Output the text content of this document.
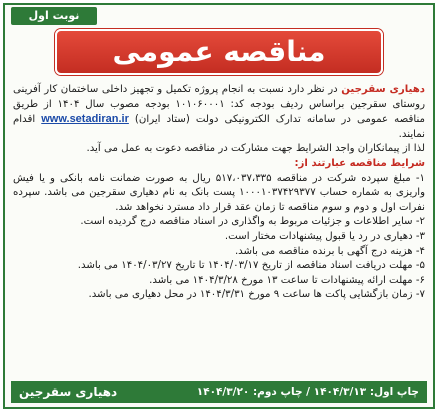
نوبت اول
مناقصه عمومی

دهیاری سقرجین در نظر دارد نسبت به انجام پروژه تکمیل و تجهیز داخلی ساختمان کار آفرینی روستای سقرجین براساس ردیف بودجه کد: ۱۰۱۰۶۰۰۰۱ بودجه مصوب سال ۱۴۰۴ از طریق مناقصه عمومی در سامانه تدارک الکترونیکی دولت (ستاد ایران) www.setadiran.ir اقدام نمایند.

لذا از پیمانکاران واجد الشرایط جهت مشارکت در مناقصه دعوت به عمل می آید.

شرایط مناقصه عبارتند از:

۱- مبلغ سپرده شرکت در مناقصه ۵۱۷،۰۳۷،۳۳۵ ریال به صورت ضمانت نامه بانکی و یا فیش واریزی به شماره حساب ۱۰۰۰۱۰۳۷۴۲۹۳۷۷ پست بانک به نام دهیاری سقرجین می باشد. سپرده نفرات اول و دوم و سوم مناقصه تا زمان عقد قرار داد مسترد نخواهد شد.

۲- سایر اطلاعات و جزئیات مربوط به واگذاری در اسناد مناقصه درج گردیده است.

۳- دهیاری در رد یا قبول پیشنهادات مختار است.

۴- هزینه درج آگهی با برنده مناقصه می باشد.

۵- مهلت دریافت اسناد مناقصه از تاریخ ۱۴۰۴/۰۳/۱۷ تا تاریخ ۱۴۰۴/۰۳/۲۷ می باشد.

۶- مهلت ارائه پیشنهادات تا ساعت ۱۳ مورخ ۱۴۰۴/۳/۲۸ می باشد.

۷- زمان بازگشایی پاکت ها ساعت ۹ مورخ ۱۴۰۴/۳/۳۱ در محل دهیاری می باشد.

چاپ اول: ۱۴۰۴/۳/۱۳ / چاپ دوم: ۱۴۰۴/۳/۲۰
دهیاری سقرجین
